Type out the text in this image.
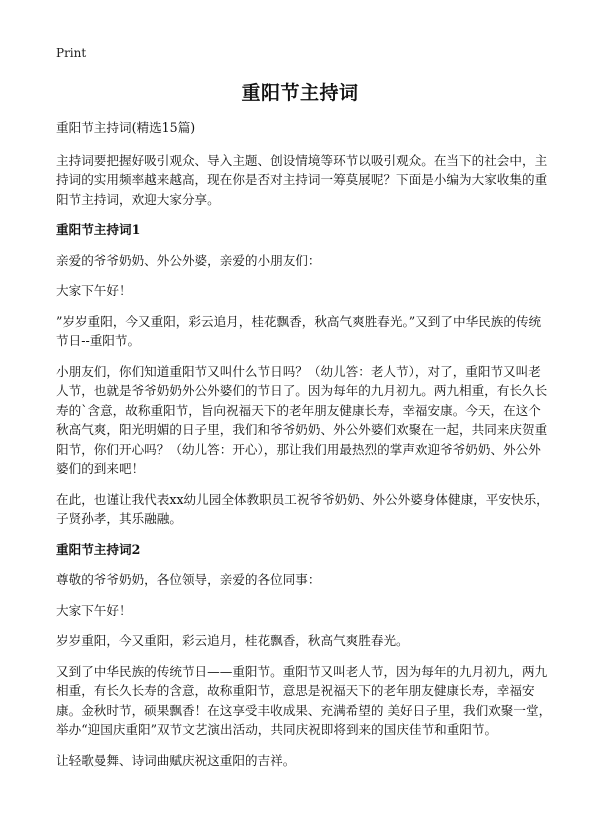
Print
重阳节主持词

重阳节主持词(精选15篇)

主持词要把握好吸引观众、导入主题、创设情境等环节以吸引观众。在当下的社会中，主持词的实用频率越来越高，现在你是否对主持词一筹莫展呢？下面是小编为大家收集的重阳节主持词，欢迎大家分享。

重阳节主持词1

亲爱的爷爷奶奶、外公外婆，亲爱的小朋友们：

大家下午好！

”岁岁重阳，今又重阳，彩云追月，桂花飘香，秋高气爽胜春光。”又到了中华民族的传统节日--重阳节。

小朋友们，你们知道重阳节又叫什么节日吗？（幼儿答：老人节），对了，重阳节又叫老人节，也就是爷爷奶奶外公外婆们的节日了。因为每年的九月初九。两九相重，有长久长寿的`含意，故称重阳节，旨向祝福天下的老年朋友健康长寿，幸福安康。今天，在这个秋高气爽，阳光明媚的日子里，我们和爷爷奶奶、外公外婆们欢聚在一起，共同来庆贺重阳节，你们开心吗？（幼儿答：开心），那让我们用最热烈的掌声欢迎爷爷奶奶、外公外婆们的到来吧！

在此，也谨让我代表xx幼儿园全体教职员工祝爷爷奶奶、外公外婆身体健康，平安快乐，子贤孙孝，其乐融融。

重阳节主持词2

尊敬的爷爷奶奶，各位领导，亲爱的各位同事：

大家下午好！

岁岁重阳，今又重阳，彩云追月，桂花飘香，秋高气爽胜春光。

又到了中华民族的传统节日——重阳节。重阳节又叫老人节，因为每年的九月初九，两九相重，有长久长寿的含意，故称重阳节，意思是祝福天下的老年朋友健康长寿，幸福安康。金秋时节，硕果飘香！在这享受丰收成果、充满希望的 美好日子里，我们欢聚一堂，举办“迎国庆重阳”双节文艺演出活动，共同庆祝即将到来的国庆佳节和重阳节。

让轻歌曼舞、诗词曲赋庆祝这重阳的吉祥。
